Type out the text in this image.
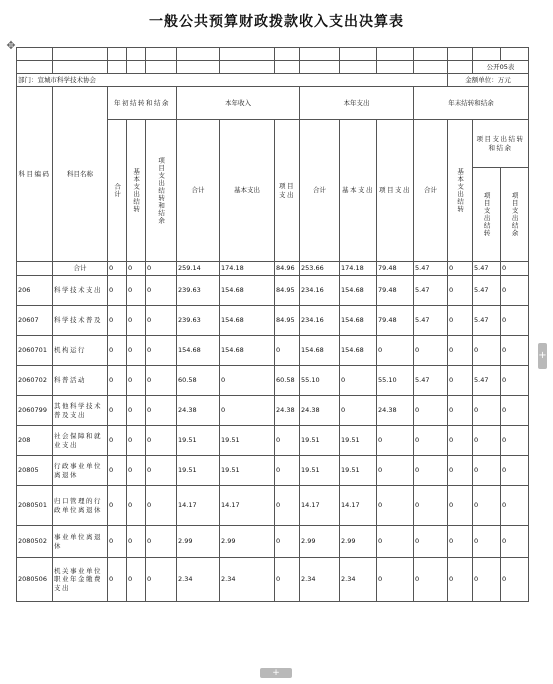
一般公共预算财政拨款收入支出决算表
✥

													公开05表	
部门：宣城市科学技术协会												金额单位：万元		

科目编码	科目名称	年初结转和结余			本年收入			本年支出			年末结转和结余			

		合计	基本支出结转	项目支出结转和结余	合计	基本支出	项目支出	合计	基本支出	项目支出	合计	基本支出结转	项目支出结转和结余	

													项目支出结转	项目支出结余

	合计	0	0	0	259.14	174.18	84.96	253.66	174.18	79.48	5.47	0	5.47	0
206	科学技术支出	0	0	0	239.63	154.68	84.95	234.16	154.68	79.48	5.47	0	5.47	0
20607	科学技术普及	0	0	0	239.63	154.68	84.95	234.16	154.68	79.48	5.47	0	5.47	0
2060701	机构运行	0	0	0	154.68	154.68	0	154.68	154.68	0	0	0	0	0
2060702	科普活动	0	0	0	60.58	0	60.58	55.10	0	55.10	5.47	0	5.47	0
2060799	其他科学技术普及支出	0	0	0	24.38	0	24.38	24.38	0	24.38	0	0	0	0
208	社会保障和就业支出	0	0	0	19.51	19.51	0	19.51	19.51	0	0	0	0	0
20805	行政事业单位离退休	0	0	0	19.51	19.51	0	19.51	19.51	0	0	0	0	0
2080501	归口管理的行政单位离退休	0	0	0	14.17	14.17	0	14.17	14.17	0	0	0	0	0
2080502	事业单位离退休	0	0	0	2.99	2.99	0	2.99	2.99	0	0	0	0	0
2080506	机关事业单位职业年金缴费支出	0	0	0	2.34	2.34	0	2.34	2.34	0	0	0	0	0
+
+
